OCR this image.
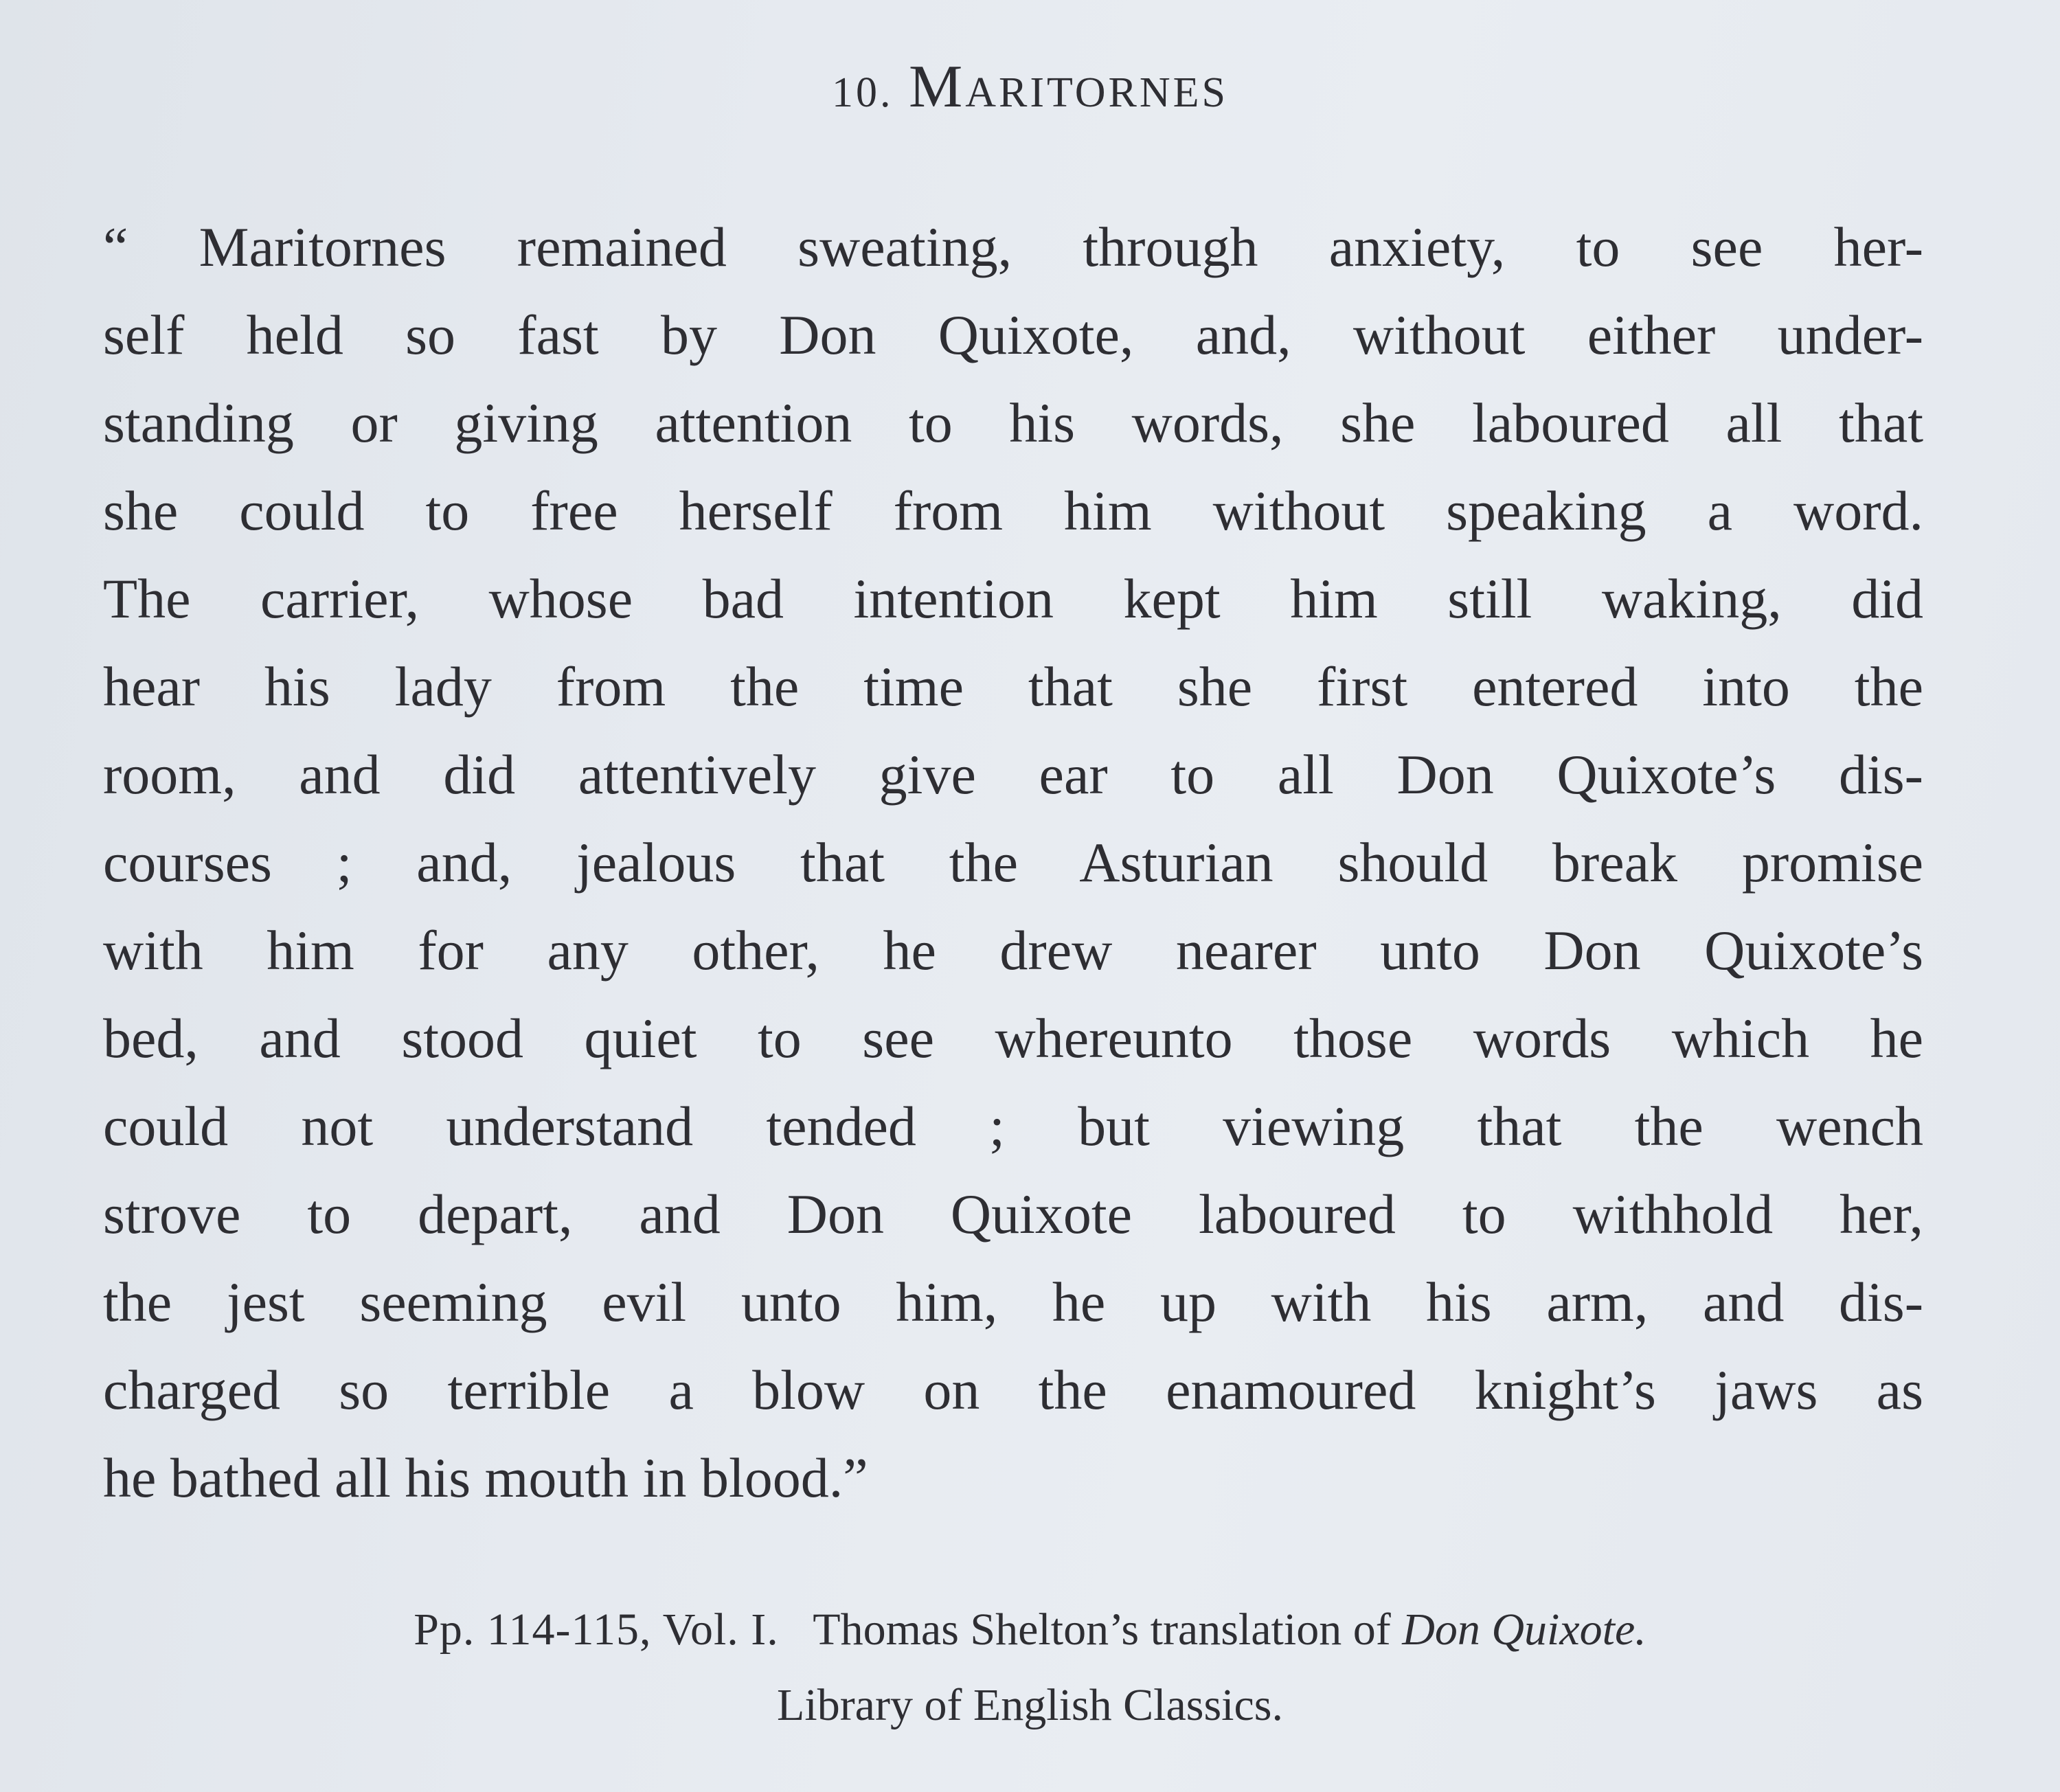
10. MARITORNES
“ Maritornes remained sweating, through anxiety, to see her-
self held so fast by Don Quixote, and, without either under-
standing or giving attention to his words, she laboured all that
she could to free herself from him without speaking a word.
The carrier, whose bad intention kept him still waking, did
hear his lady from the time that she first entered into the
room, and did attentively give ear to all Don Quixote’s dis-
courses ; and, jealous that the Asturian should break promise
with him for any other, he drew nearer unto Don Quixote’s
bed, and stood quiet to see whereunto those words which he
could not understand tended ; but viewing that the wench
strove to depart, and Don Quixote laboured to withhold her,
the jest seeming evil unto him, he up with his arm, and dis-
charged so terrible a blow on the enamoured knight’s jaws as
he bathed all his mouth in blood.”
Pp. 114-115, Vol. I. Thomas Shelton’s translation of Don Quixote.
Library of English Classics.
